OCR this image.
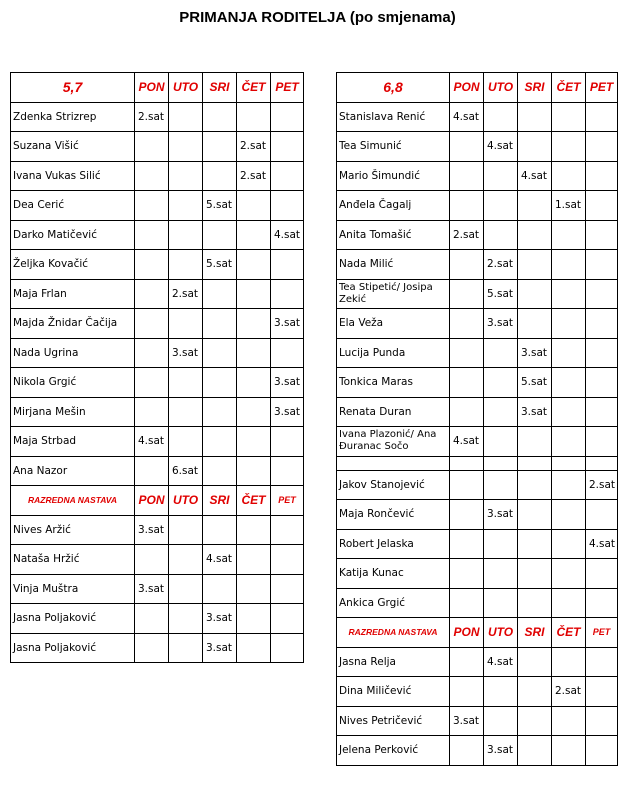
PRIMANJA RODITELJA (po smjenama)
5,7	PON	UTO	SRI	ČET	PET
Zdenka Strizrep	2.sat				
Suzana Višić				2.sat	
Ivana Vukas Silić				2.sat	
Dea Cerić			5.sat		
Darko Matičević					4.sat
Željka Kovačić			5.sat		
Maja Frlan		2.sat			
Majda Žnidar Čačija					3.sat
Nada Ugrina		3.sat			
Nikola Grgić					3.sat
Mirjana Mešin					3.sat
Maja Strbad	4.sat				
Ana Nazor		6.sat			
RAZREDNA NASTAVA	PON	UTO	SRI	ČET	PET
Nives Aržić	3.sat				
Nataša Hržić			4.sat		
Vinja Muštra	3.sat				
Jasna Poljaković			3.sat		
Jasna Poljaković			3.sat		
6,8	PON	UTO	SRI	ČET	PET
Stanislava Renić	4.sat				
Tea Simunić		4.sat			
Mario Šimundić			4.sat		
Anđela Čagalj				1.sat	
Anita Tomašić	2.sat				
Nada Milić		2.sat			
Tea Stipetić/ Josipa Zekić		5.sat			
Ela Veža		3.sat			
Lucija Punda			3.sat		
Tonkica Maras			5.sat		
Renata Duran			3.sat		
Ivana Plazonić/ Ana Đuranac Sočo	4.sat				

Jakov Stanojević					2.sat
Maja Rončević		3.sat			
Robert Jelaska					4.sat
Katija Kunac					
Ankica Grgić					
RAZREDNA NASTAVA	PON	UTO	SRI	ČET	PET
Jasna Relja		4.sat			
Dina Miličević				2.sat	
Nives Petričević	3.sat				
Jelena Perković		3.sat			
